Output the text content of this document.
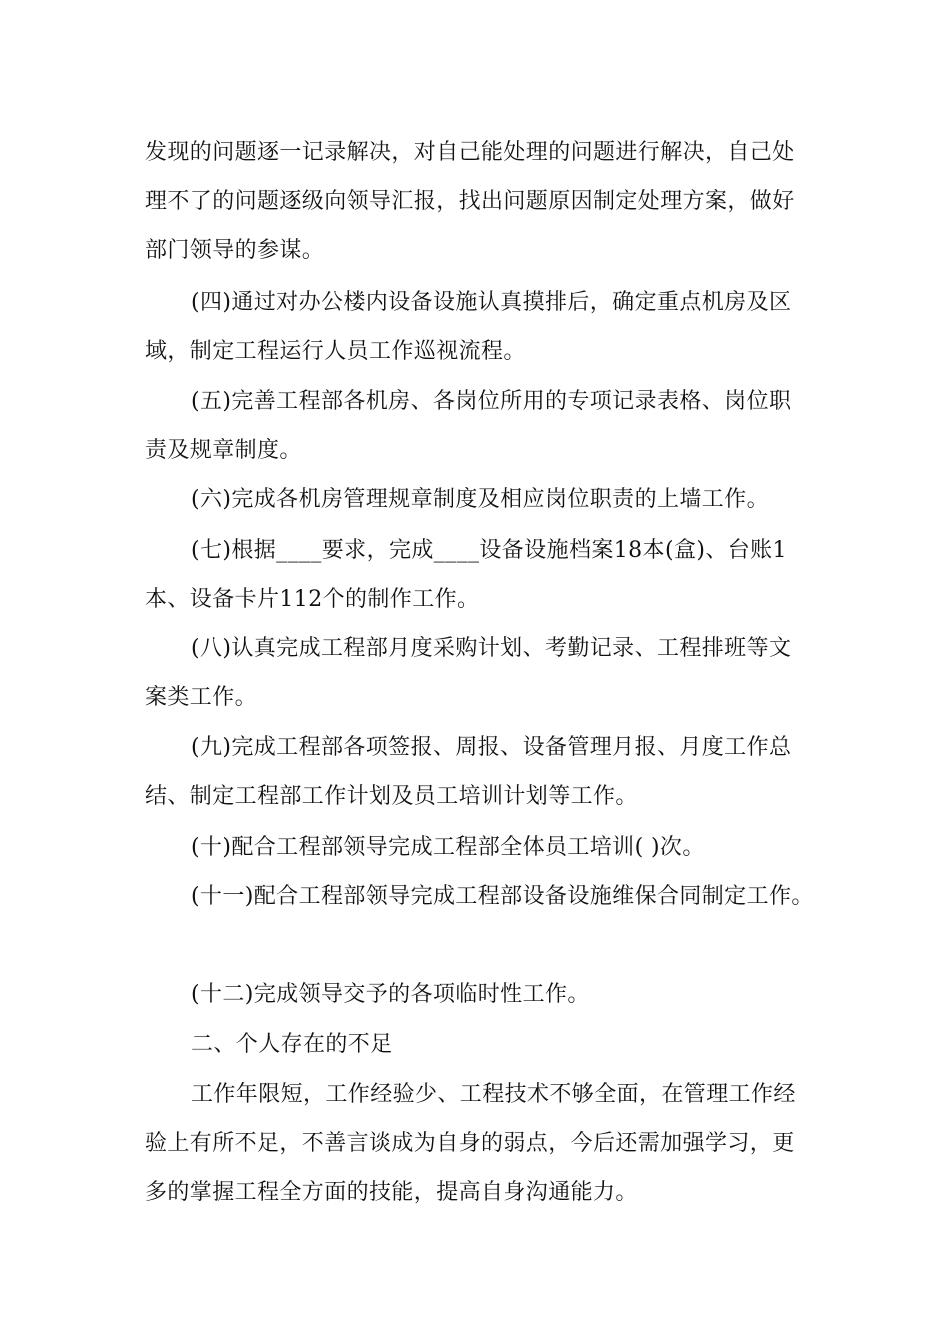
发现的问题逐一记录解决，对自己能处理的问题进行解决，自己处理不了的问题逐级向领导汇报，找出问题原因制定处理方案，做好部门领导的参谋。

(四)通过对办公楼内设备设施认真摸排后，确定重点机房及区域，制定工程运行人员工作巡视流程。

(五)完善工程部各机房、各岗位所用的专项记录表格、岗位职责及规章制度。

(六)完成各机房管理规章制度及相应岗位职责的上墙工作。

(七)根据____要求，完成____设备设施档案18本(盒)、台账1本、设备卡片112个的制作工作。

(八)认真完成工程部月度采购计划、考勤记录、工程排班等文案类工作。

(九)完成工程部各项签报、周报、设备管理月报、月度工作总结、制定工程部工作计划及员工培训计划等工作。

(十)配合工程部领导完成工程部全体员工培训( )次。

(十一)配合工程部领导完成工程部设备设施维保合同制定工作。

(十二)完成领导交予的各项临时性工作。

二、个人存在的不足

工作年限短，工作经验少、工程技术不够全面，在管理工作经验上有所不足，不善言谈成为自身的弱点，今后还需加强学习，更多的掌握工程全方面的技能，提高自身沟通能力。
